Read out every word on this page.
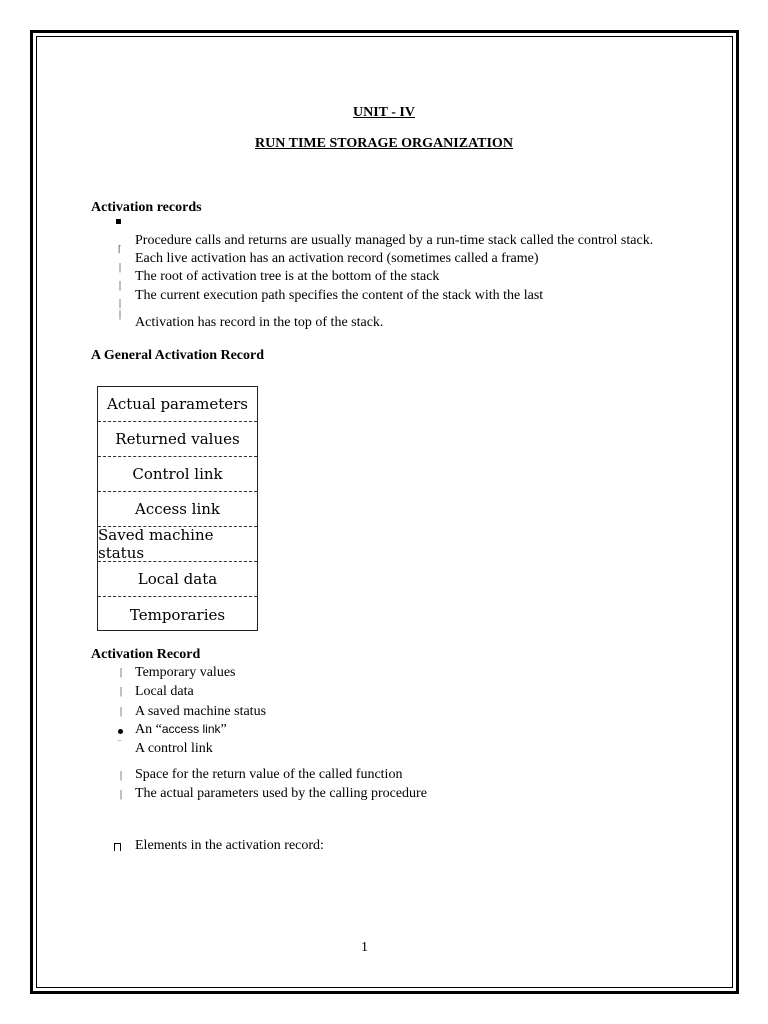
UNIT - IV
RUN TIME STORAGE ORGANIZATION
Activation records
⌈
Procedure calls and returns are usually managed by a run-time stack called the control stack.
|
Each live activation has an activation record (sometimes called a frame)
|
The root of activation tree is at the bottom of the stack
|
The current execution path specifies the content of the stack with the last
|
Activation has record in the top of the stack.
A General Activation Record
Actual parameters
Returned values
Control link
Access link
Saved machine status
Local data
Temporaries
Activation Record
| Temporary values
| Local data
| A saved machine status
An “access link”
‾ A control link
| Space for the return value of the called function
| The actual parameters used by the calling procedure
Elements in the activation record:
1
